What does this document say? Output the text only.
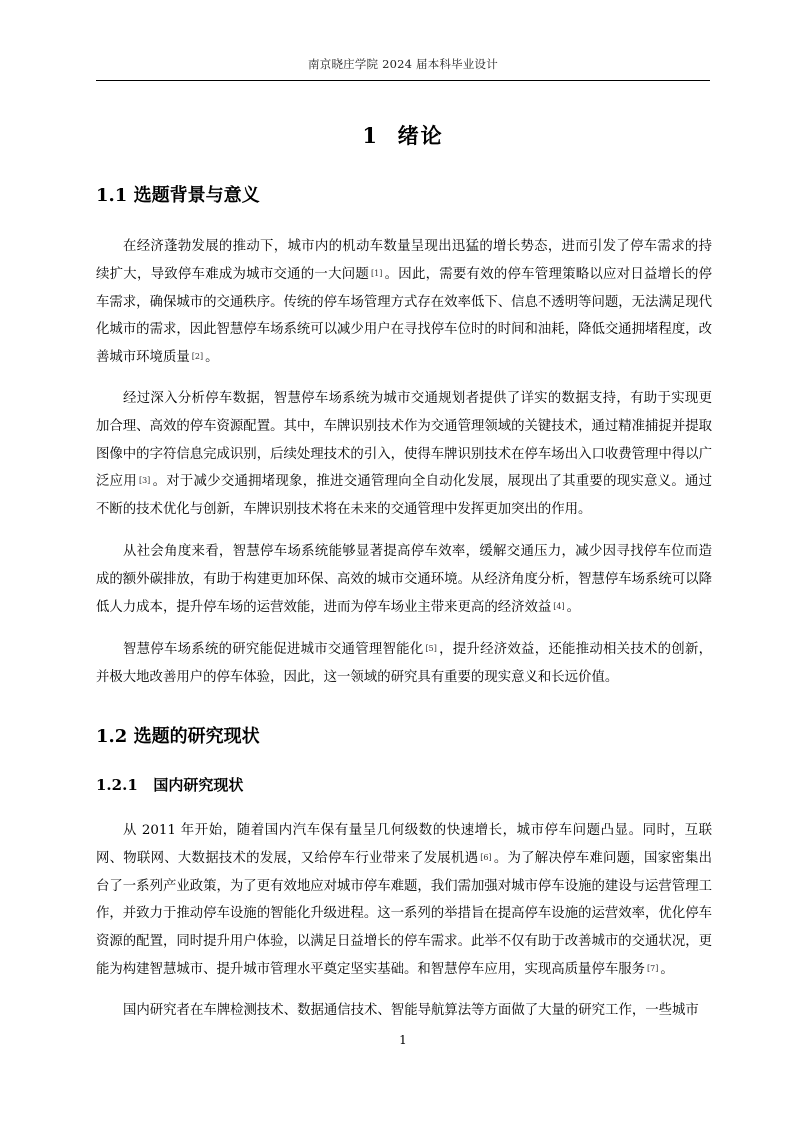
南京晓庄学院 2024 届本科毕业设计
1  绪论
1.1 选题背景与意义

在经济蓬勃发展的推动下，城市内的机动车数量呈现出迅猛的增长势态，进而引发了停车需求的持续扩大，导致停车难成为城市交通的一大问题 [1] 。因此，需要有效的停车管理策略以应对日益增长的停车需求，确保城市的交通秩序。传统的停车场管理方式存在效率低下、信息不透明等问题，无法满足现代化城市的需求，因此智慧停车场系统可以减少用户在寻找停车位时的时间和油耗，降低交通拥堵程度，改善城市环境质量 [2] 。

经过深入分析停车数据，智慧停车场系统为城市交通规划者提供了详实的数据支持，有助于实现更加合理、高效的停车资源配置。其中，车牌识别技术作为交通管理领域的关键技术，通过精准捕捉并提取图像中的字符信息完成识别，后续处理技术的引入，使得车牌识别技术在停车场出入口收费管理中得以广泛应用 [3] 。对于减少交通拥堵现象，推进交通管理向全自动化发展，展现出了其重要的现实意义。通过不断的技术优化与创新，车牌识别技术将在未来的交通管理中发挥更加突出的作用。

从社会角度来看，智慧停车场系统能够显著提高停车效率，缓解交通压力，减少因寻找停车位而造成的额外碳排放，有助于构建更加环保、高效的城市交通环境。从经济角度分析，智慧停车场系统可以降低人力成本，提升停车场的运营效能，进而为停车场业主带来更高的经济效益 [4] 。

智慧停车场系统的研究能促进城市交通管理智能化 [5] ，提升经济效益，还能推动相关技术的创新，并极大地改善用户的停车体验，因此，这一领域的研究具有重要的现实意义和长远价值。

1.2 选题的研究现状
1.2.1   国内研究现状

从 2011 年开始，随着国内汽车保有量呈几何级数的快速增长，城市停车问题凸显。同时，互联网、物联网、大数据技术的发展，又给停车行业带来了发展机遇 [6] 。为了解决停车难问题，国家密集出台了一系列产业政策，为了更有效地应对城市停车难题，我们需加强对城市停车设施的建设与运营管理工作，并致力于推动停车设施的智能化升级进程。这一系列的举措旨在提高停车设施的运营效率，优化停车资源的配置，同时提升用户体验，以满足日益增长的停车需求。此举不仅有助于改善城市的交通状况，更能为构建智慧城市、提升城市管理水平奠定坚实基础。和智慧停车应用，实现高质量停车服务 [7] 。

国内研究者在车牌检测技术、数据通信技术、智能导航算法等方面做了大量的研究工作，一些城市

1
